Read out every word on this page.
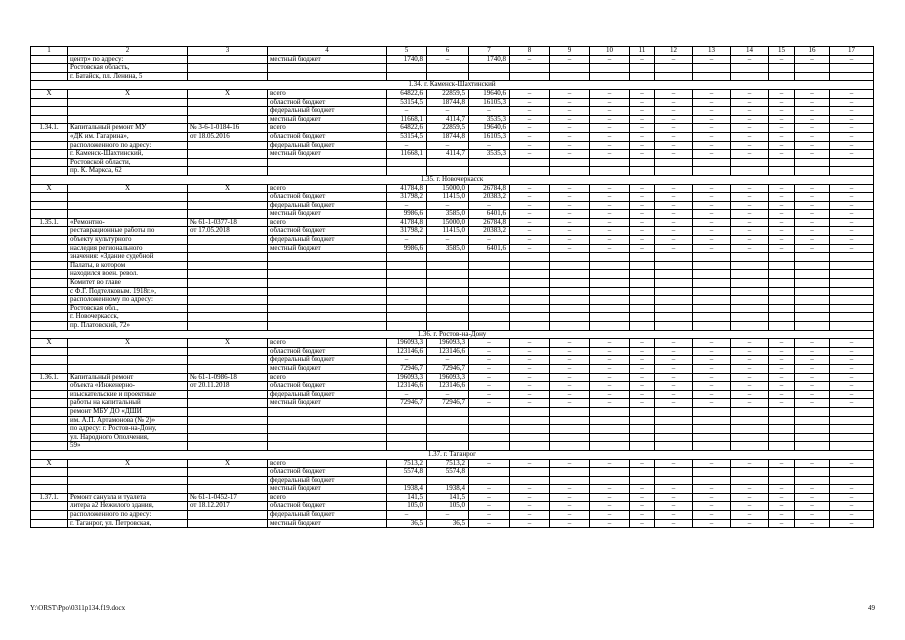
1	2	3	4	5	6	7	8	9	10	11	12	13	14	15	16	17
	центр» по адресу:		местный бюджет	1740,8	–	1740,8	–	–	–	–	–	–	–	–	–	–
	Ростовская область,															
	г. Батайск, пл. Ленина, 5															
1.34. г. Каменск-Шахтинский																
Х	Х	Х	всего	64822,6	22859,5	19640,6	–	–	–	–	–	–	–	–	–	–
			областной бюджет	53154,5	18744,8	16105,3	–	–	–	–	–	–	–	–	–	–
			федеральный бюджет	–	–	–	–	–	–	–	–	–	–	–	–	–
			местный бюджет	11668,1	4114,7	3535,3	–	–	–	–	–	–	–	–	–	–
1.34.1.	Капитальный ремонт МУ	№ 3-6-1-0184-16	всего	64822,6	22859,5	19640,6	–	–	–	–	–	–	–	–	–	–
	«ДК им. Гагарина»,	от 18.05.2016	областной бюджет	53154,5	18744,8	16105,3	–	–	–	–	–	–	–	–	–	–
	расположенного по адресу:		федеральный бюджет	–	–	–	–	–	–	–	–	–	–	–	–	–
	г. Каменск-Шахтинский,		местный бюджет	11668,1	4114,7	3535,3	–	–	–	–	–	–	–	–	–	–
	Ростовской области,															
	пр. К. Маркса, 62															
1.35. г. Новочеркасск																
Х	Х	Х	всего	41784,8	15000,0	26784,8	–	–	–	–	–	–	–	–	–	–
			областной бюджет	31798,2	11415,0	20383,2	–	–	–	–	–	–	–	–	–	–
			федеральный бюджет	–	–	–	–	–	–	–	–	–	–	–	–	–
			местный бюджет	9986,6	3585,0	6401,6	–	–	–	–	–	–	–	–	–	–
1.35.1.	«Ремонтно-	№ 61-1-0377-18	всего	41784,8	15000,0	26784,8	–	–	–	–	–	–	–	–	–	–
	реставрационные работы по	от 17.05.2018	областной бюджет	31798,2	11415,0	20383,2	–	–	–	–	–	–	–	–	–	–
	объекту культурного		федеральный бюджет	–	–	–	–	–	–	–	–	–	–	–	–	–
	наследия регионального		местный бюджет	9986,6	3585,0	6401,6	–	–	–	–	–	–	–	–	–	–
	значения: «Здание судебной															
	Палаты, в котором															
	находился воен. револ.															
	Комитет во главе															
	с Ф.Г. Подтелковым. 1918г.»,															
	расположенному по адресу:															
	Ростовская обл.,															
	г. Новочеркасск,															
	пр. Платовский, 72»															
1.36. г. Ростов-на-Дону																
Х	Х	Х	всего	196093,3	196093,3	–	–	–	–	–	–	–	–	–	–	–
			областной бюджет	123146,6	123146,6	–	–	–	–	–	–	–	–	–	–	–
			федеральный бюджет	–	–	–	–	–	–	–	–	–	–	–	–	–
			местный бюджет	72946,7	72946,7	–	–	–	–	–	–	–	–	–	–	–
1.36.1.	Капитальный ремонт	№ 61-1-0986-18	всего	196093,3	196093,3	–	–	–	–	–	–	–	–	–	–	–
	объекта «Инженерно-	от 20.11.2018	областной бюджет	123146,6	123146,6	–	–	–	–	–	–	–	–	–	–	–
	изыскательские и проектные		федеральный бюджет	–	–	–	–	–	–	–	–	–	–	–	–	–
	работы на капитальный		местный бюджет	72946,7	72946,7	–	–	–	–	–	–	–	–	–	–	–
	ремонт МБУ ДО «ДШИ															
	им. А.П. Артамонова (№ 2)»															
	по адресу: г. Ростов-на-Дону,															
	ул. Народного Ополчения,															
	59»															
1.37. г. Таганрог																
Х	Х	Х	всего	7513,2	7513,2	–	–	–	–	–	–	–	–	–	–	–
			областной бюджет	5574,8	5574,8											
			федеральный бюджет													
			местный бюджет	1938,4	1938,4	–	–	–	–	–	–	–	–	–	–	–
1.37.1.	Ремонт санузла и туалета	№ 61-1-0452-17	всего	141,5	141,5	–	–	–	–	–	–	–	–	–	–	–
	литера а2 Нежилого здания,	от 18.12.2017	областной бюджет	105,0	105,0	–	–	–	–	–	–	–	–	–	–	–
	расположенного по адресу:		федеральный бюджет	–	–	–	–	–	–	–	–	–	–	–	–	–
	г. Таганрог, ул. Петровская,		местный бюджет	36,5	36,5	–	–	–	–	–	–	–	–	–	–	–
Y:\ORST\Ppo\0311p134.f19.docx	49
